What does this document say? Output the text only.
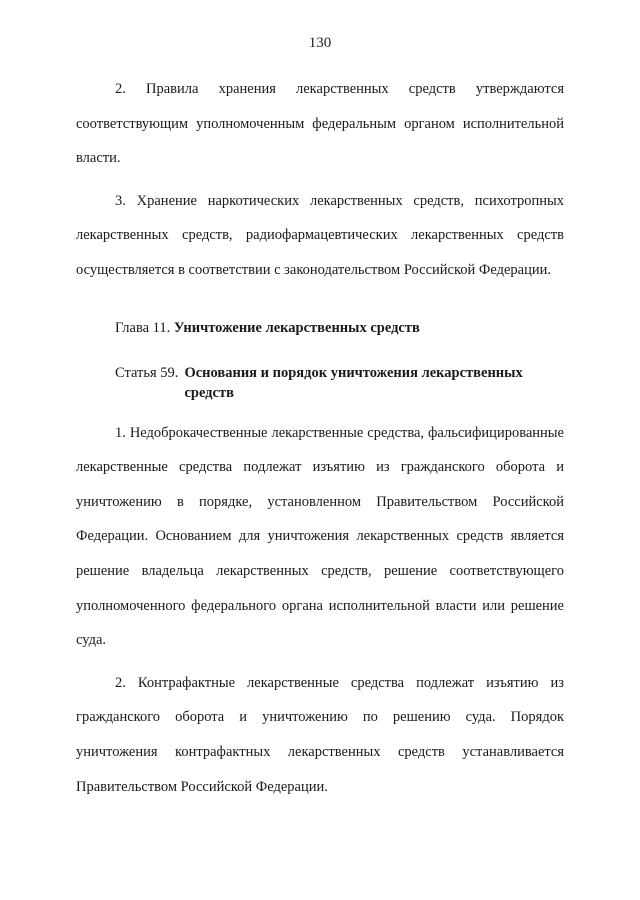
130

2. Правила хранения лекарственных средств утверждаются соответствующим уполномоченным федеральным органом исполнительной власти.

3. Хранение наркотических лекарственных средств, психотропных лекарственных средств, радиофармацевтических лекарственных средств осуществляется в соответствии с законодательством Российской Федерации.

Глава 11. Уничтожение лекарственных средств
Статья 59. Основания и порядок уничтожения лекарственных средств

1. Недоброкачественные лекарственные средства, фальсифицированные лекарственные средства подлежат изъятию из гражданского оборота и уничтожению в порядке, установленном Правительством Российской Федерации. Основанием для уничтожения лекарственных средств является решение владельца лекарственных средств, решение соответствующего уполномоченного федерального органа исполнительной власти или решение суда.

2. Контрафактные лекарственные средства подлежат изъятию из гражданского оборота и уничтожению по решению суда. Порядок уничтожения контрафактных лекарственных средств устанавливается Правительством Российской Федерации.
